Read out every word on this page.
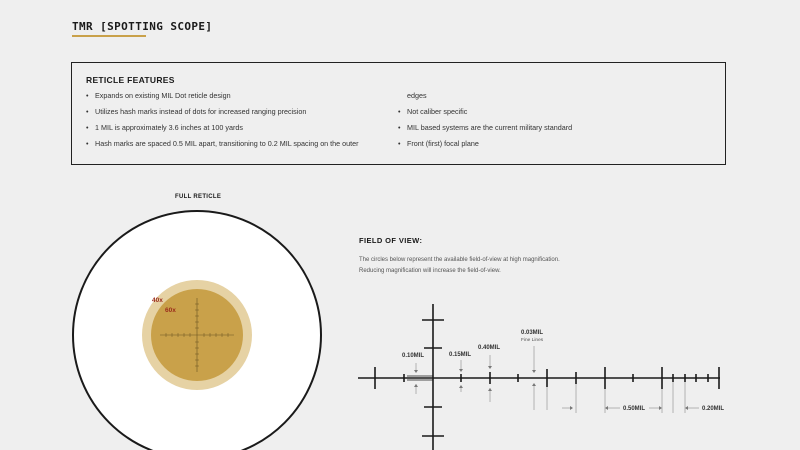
TMR [SPOTTING SCOPE]
RETICLE FEATURES
• Expands on existing MIL Dot reticle design
• Utilizes hash marks instead of dots for increased ranging precision
• 1 MIL is approximately 3.6 inches at 100 yards
• Hash marks are spaced 0.5 MIL apart, transitioning to 0.2 MIL spacing on the outer
edges
• Not caliber specific
• MIL based systems are the current military standard
• Front (first) focal plane
FULL RETICLE
FIELD OF VIEW:
The circles below represent the available field-of-view at high magnification.
Reducing magnification will increase the field-of-view.
40x
60x
0.10MIL	0.15MIL
0.40MIL
0.03MIL
Fine Lines
0.50MIL	0.20MIL
